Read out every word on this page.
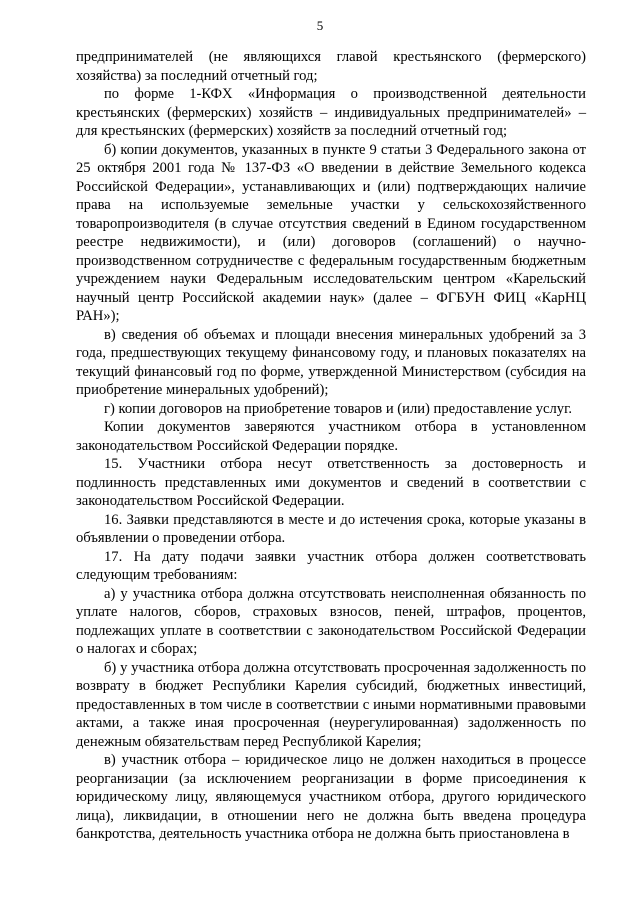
5

предпринимателей (не являющихся главой крестьянского (фермерского) хозяйства) за последний отчетный год;

по форме 1-КФХ «Информация о производственной деятельности крестьянских (фермерских) хозяйств – индивидуальных предпринимателей» – для крестьянских (фермерских) хозяйств за последний отчетный год;

б) копии документов, указанных в пункте 9 статьи 3 Федерального закона от 25 октября 2001 года № 137-ФЗ «О введении в действие Земельного кодекса Российской Федерации», устанавливающих и (или) подтверждающих наличие права на используемые земельные участки у сельскохозяйственного товаропроизводителя (в случае отсутствия сведений в Едином государственном реестре недвижимости), и (или) договоров (соглашений) о научно-производственном сотрудничестве с федеральным государственным бюджетным учреждением науки Федеральным исследовательским центром «Карельский научный центр Российской академии наук» (далее – ФГБУН ФИЦ «КарНЦ РАН»);

в) сведения об объемах и площади внесения минеральных удобрений за 3 года, предшествующих текущему финансовому году, и плановых показателях на текущий финансовый год по форме, утвержденной Министерством (субсидия на приобретение минеральных удобрений);

г) копии договоров на приобретение товаров и (или) предоставление услуг.

Копии документов заверяются участником отбора в установленном законодательством Российской Федерации порядке.

15. Участники отбора несут ответственность за достоверность и подлинность представленных ими документов и сведений в соответствии с законодательством Российской Федерации.

16. Заявки представляются в месте и до истечения срока, которые указаны в объявлении о проведении отбора.

17. На дату подачи заявки участник отбора должен соответствовать следующим требованиям:

а) у участника отбора должна отсутствовать неисполненная обязанность по уплате налогов, сборов, страховых взносов, пеней, штрафов, процентов, подлежащих уплате в соответствии с законодательством Российской Федерации о налогах и сборах;

б) у участника отбора должна отсутствовать просроченная задолженность по возврату в бюджет Республики Карелия субсидий, бюджетных инвестиций, предоставленных в том числе в соответствии с иными нормативными правовыми актами, а также иная просроченная (неурегулированная) задолженность по денежным обязательствам перед Республикой Карелия;

в) участник отбора – юридическое лицо не должен находиться в процессе реорганизации (за исключением реорганизации в форме присоединения к юридическому лицу, являющемуся участником отбора, другого юридического лица), ликвидации, в отношении него не должна быть введена процедура банкротства, деятельность участника отбора не должна быть приостановлена в
